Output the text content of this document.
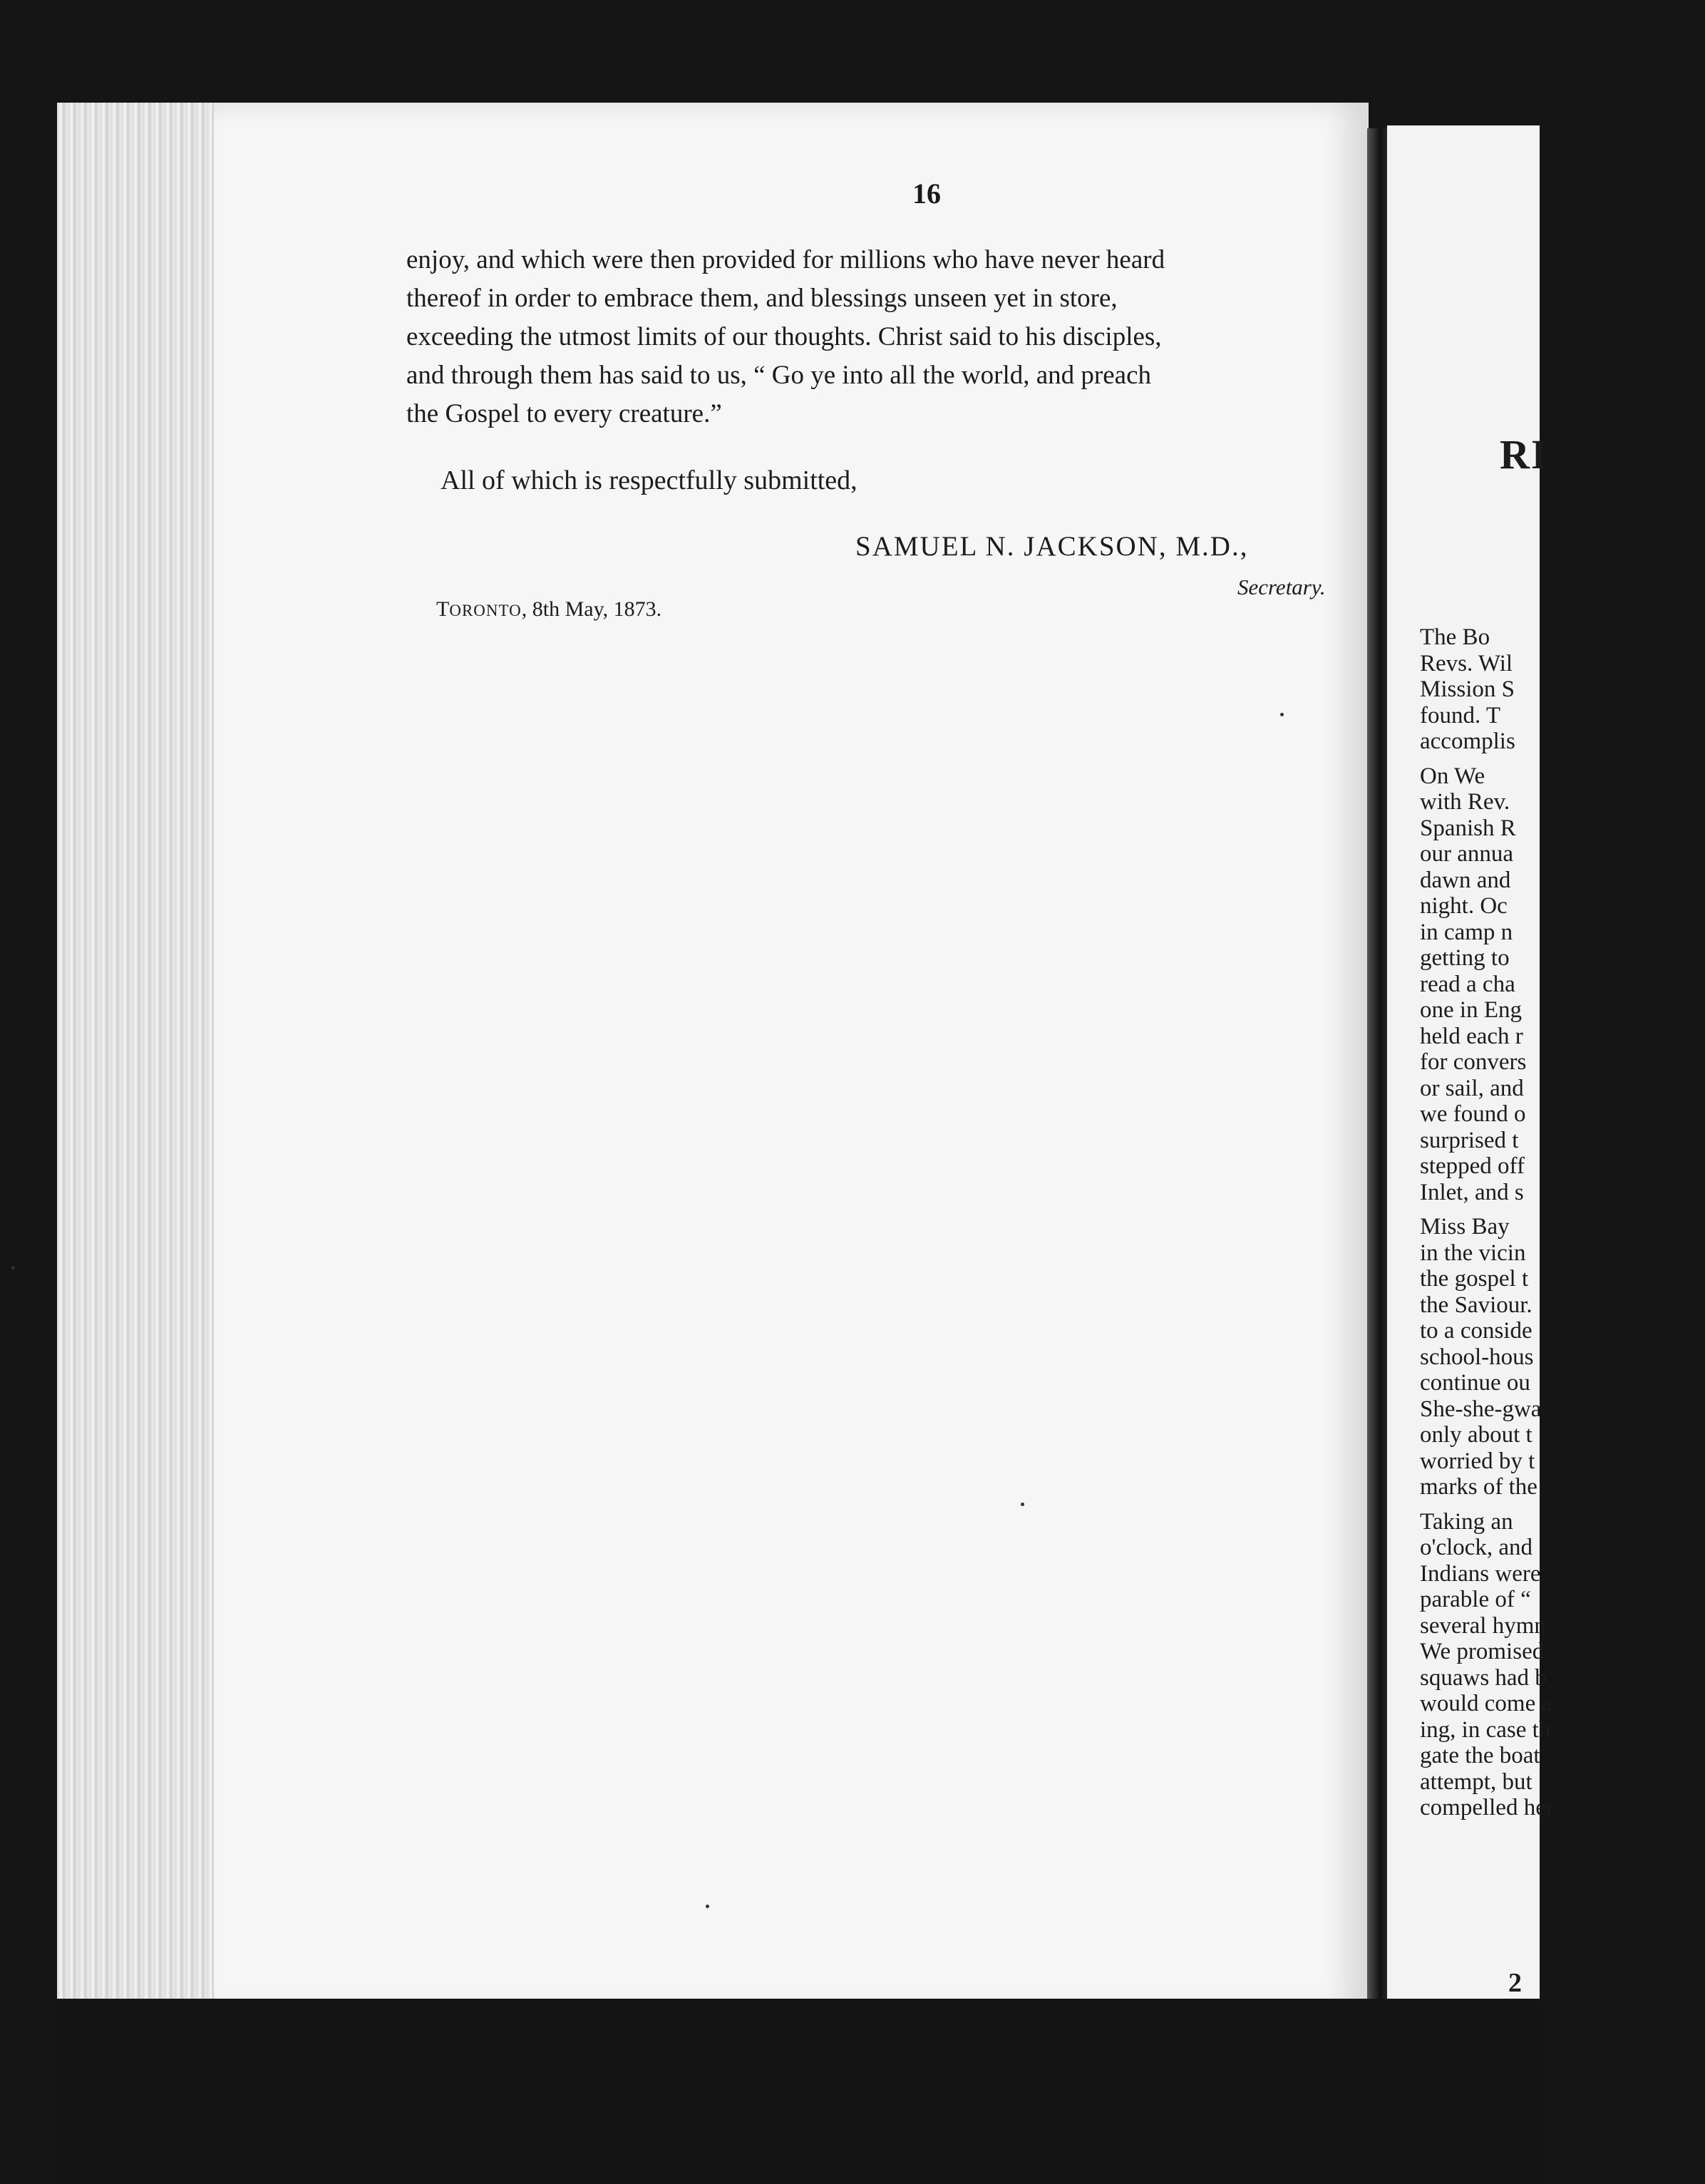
16
enjoy, and which were then provided for millions who have never heard
thereof in order to embrace them, and blessings unseen yet in store,
exceeding the utmost limits of our thoughts. Christ said to his disciples,
and through them has said to us, “ Go ye into all the world, and preach
the Gospel to every creature.”
All of which is respectfully submitted,
SAMUEL N. JACKSON, M.D.,
Secretary.
TORONTO, 8th May, 1873.
RI
The Bo
Revs. Wil
Mission S
found. T
accomplis
On We
with Rev.
Spanish R
our annua
dawn and
night. Oc
in camp n
getting to
read a cha
one in Eng
held each r
for convers
or sail, and
we found o
surprised t
stepped off
Inlet, and s
Miss Bay
in the vicin
the gospel t
the Saviour.
to a conside
school-hous
continue ou
She-she-gwa
only about t
worried by t
marks of the
Taking an
o'clock, and
Indians were
parable of “
several hymn
We promised
squaws had b
would come a
ing, in case th
gate the boat
attempt, but
compelled her
2
